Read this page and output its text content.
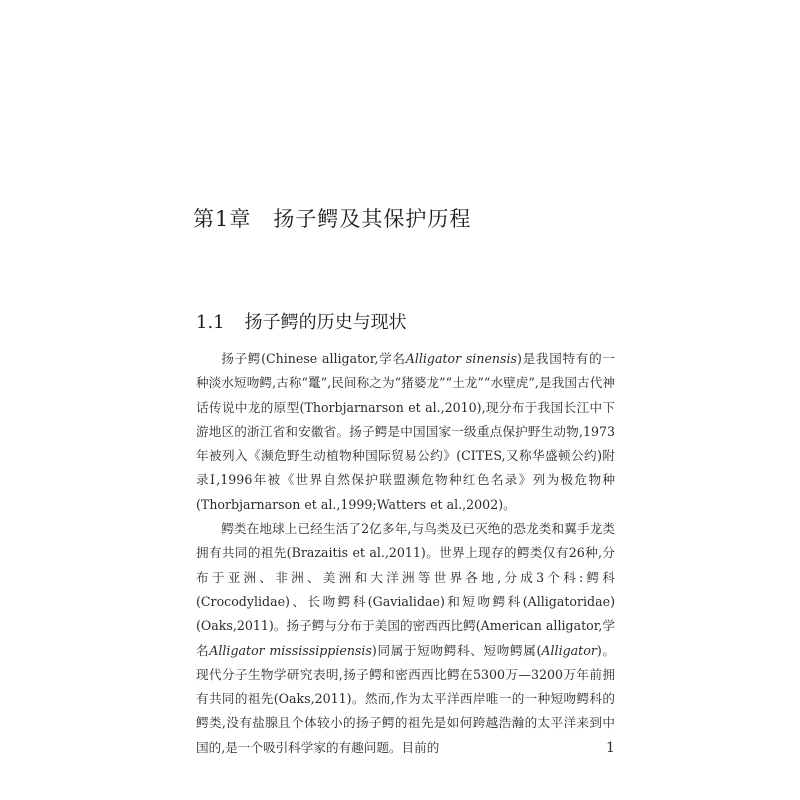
第1章 扬子鳄及其保护历程
1.1 扬子鳄的历史与现状

扬子鳄(Chinese alligator,学名Alligator sinensis)是我国特有的一种淡水短吻鳄,古称“鼍”,民间称之为“猪婆龙”“土龙”“水壁虎”,是我国古代神话传说中龙的原型(Thorbjarnarson et al.,2010),现分布于我国长江中下游地区的浙江省和安徽省。扬子鳄是中国国家一级重点保护野生动物,1973年被列入《濒危野生动植物种国际贸易公约》(CITES,又称华盛顿公约)附录Ⅰ,1996年被《世界自然保护联盟濒危物种红色名录》列为极危物种(Thorbjarnarson et al.,1999;Watters et al.,2002)。

鳄类在地球上已经生活了2亿多年,与鸟类及已灭绝的恐龙类和翼手龙类拥有共同的祖先(Brazaitis et al.,2011)。世界上现存的鳄类仅有26种,分布于亚洲、非洲、美洲和大洋洲等世界各地,分成3个科:鳄科(Crocodylidae)、长吻鳄科(Gavialidae)和短吻鳄科(Alligatoridae)(Oaks,2011)。扬子鳄与分布于美国的密西西比鳄(American alligator,学名Alligator mississippiensis)同属于短吻鳄科、短吻鳄属(Alligator)。现代分子生物学研究表明,扬子鳄和密西西比鳄在5300万—3200万年前拥有共同的祖先(Oaks,2011)。然而,作为太平洋西岸唯一的一种短吻鳄科的鳄类,没有盐腺且个体较小的扬子鳄的祖先是如何跨越浩瀚的太平洋来到中国的,是一个吸引科学家的有趣问题。目前的	1
